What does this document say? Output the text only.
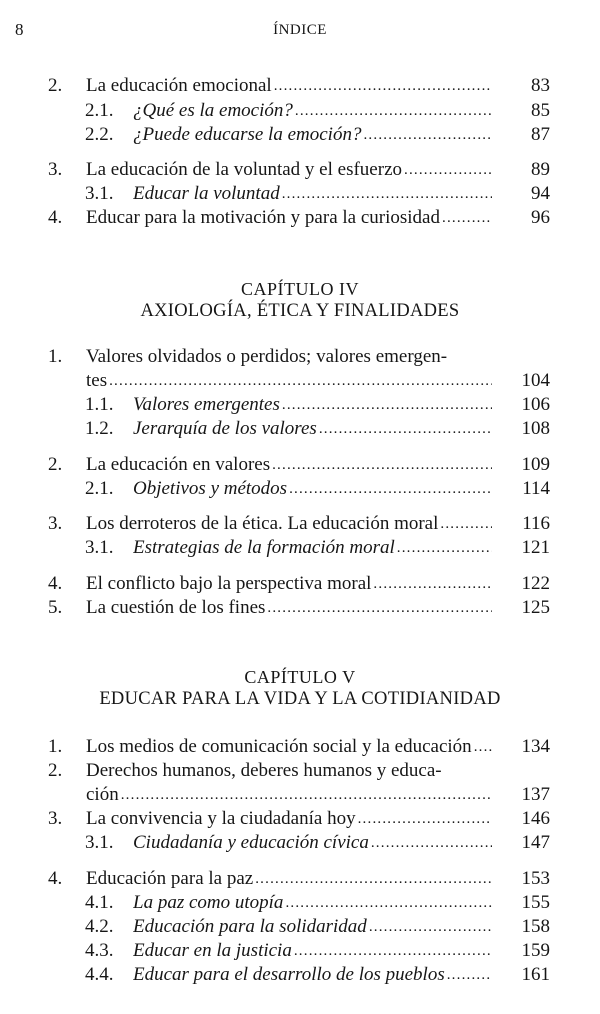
8	ÍNDICE
2. La educación emocional .....	83
2.1. ¿Qué es la emoción? .....	85
2.2. ¿Puede educarse la emoción? .....	87
3. La educación de la voluntad y el esfuerzo .....	89
3.1. Educar la voluntad .....	94
4. Educar para la motivación y para la curiosidad .....	96
CAPÍTULO IV
AXIOLOGÍA, ÉTICA Y FINALIDADES
1. Valores olvidados o perdidos; valores emergen-
tes .....	104
1.1. Valores emergentes .....	106
1.2. Jerarquía de los valores .....	108
2. La educación en valores .....	109
2.1. Objetivos y métodos .....	114
3. Los derroteros de la ética. La educación moral .....	116
3.1. Estrategias de la formación moral .....	121
4. El conflicto bajo la perspectiva moral .....	122
5. La cuestión de los fines .....	125
CAPÍTULO V
EDUCAR PARA LA VIDA Y LA COTIDIANIDAD
1. Los medios de comunicación social y la educación .....	134
2. Derechos humanos, deberes humanos y educa-
ción .....	137
3. La convivencia y la ciudadanía hoy .....	146
3.1. Ciudadanía y educación cívica .....	147
4. Educación para la paz .....	153
4.1. La paz como utopía .....	155
4.2. Educación para la solidaridad .....	158
4.3. Educar en la justicia .....	159
4.4. Educar para el desarrollo de los pueblos .....	161
